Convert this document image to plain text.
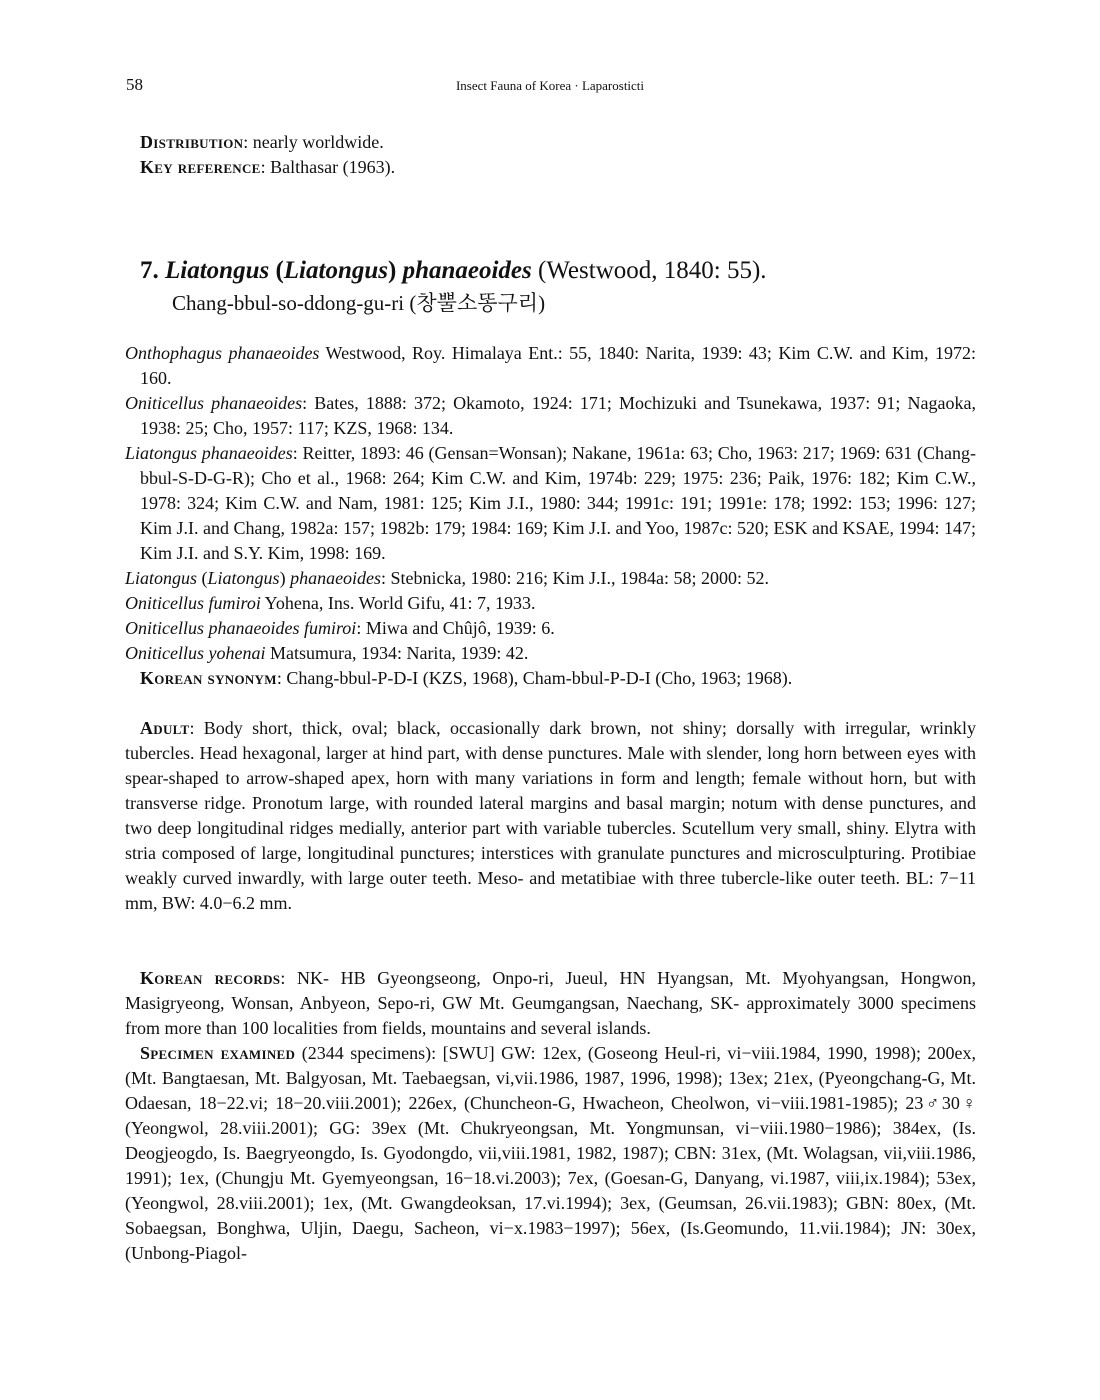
58	Insect Fauna of Korea · Laparosticti

Distribution: nearly worldwide.

Key reference: Balthasar (1963).

7. Liatongus (Liatongus) phanaeoides (Westwood, 1840: 55).
Chang-bbul-so-ddong-gu-ri (창뿔소똥구리)

Onthophagus phanaeoides Westwood, Roy. Himalaya Ent.: 55, 1840: Narita, 1939: 43; Kim C.W. and Kim, 1972: 160.

Oniticellus phanaeoides: Bates, 1888: 372; Okamoto, 1924: 171; Mochizuki and Tsunekawa, 1937: 91; Nagaoka, 1938: 25; Cho, 1957: 117; KZS, 1968: 134.

Liatongus phanaeoides: Reitter, 1893: 46 (Gensan=Wonsan); Nakane, 1961a: 63; Cho, 1963: 217; 1969: 631 (Chang-bbul-S-D-G-R); Cho et al., 1968: 264; Kim C.W. and Kim, 1974b: 229; 1975: 236; Paik, 1976: 182; Kim C.W., 1978: 324; Kim C.W. and Nam, 1981: 125; Kim J.I., 1980: 344; 1991c: 191; 1991e: 178; 1992: 153; 1996: 127; Kim J.I. and Chang, 1982a: 157; 1982b: 179; 1984: 169; Kim J.I. and Yoo, 1987c: 520; ESK and KSAE, 1994: 147; Kim J.I. and S.Y. Kim, 1998: 169.

Liatongus (Liatongus) phanaeoides: Stebnicka, 1980: 216; Kim J.I., 1984a: 58; 2000: 52.

Oniticellus fumiroi Yohena, Ins. World Gifu, 41: 7, 1933.

Oniticellus phanaeoides fumiroi: Miwa and Chûjô, 1939: 6.

Oniticellus yohenai Matsumura, 1934: Narita, 1939: 42.

Korean synonym: Chang-bbul-P-D-I (KZS, 1968), Cham-bbul-P-D-I (Cho, 1963; 1968).

Adult: Body short, thick, oval; black, occasionally dark brown, not shiny; dorsally with irregular, wrinkly tubercles. Head hexagonal, larger at hind part, with dense punctures. Male with slender, long horn between eyes with spear-shaped to arrow-shaped apex, horn with many variations in form and length; female without horn, but with transverse ridge. Pronotum large, with rounded lateral margins and basal margin; notum with dense punctures, and two deep longitudinal ridges medially, anterior part with variable tubercles. Scutellum very small, shiny. Elytra with stria composed of large, longitudinal punctures; interstices with granulate punctures and microsculpturing. Protibiae weakly curved inwardly, with large outer teeth. Meso- and metatibiae with three tubercle-like outer teeth. BL: 7−11 mm, BW: 4.0−6.2 mm.

Korean records: NK- HB Gyeongseong, Onpo-ri, Jueul, HN Hyangsan, Mt. Myohyangsan, Hongwon, Masigryeong, Wonsan, Anbyeon, Sepo-ri, GW Mt. Geumgangsan, Naechang, SK- approximately 3000 specimens from more than 100 localities from fields, mountains and several islands.

Specimen examined (2344 specimens): [SWU] GW: 12ex, (Goseong Heul-ri, vi−viii.1984, 1990, 1998); 200ex, (Mt. Bangtaesan, Mt. Balgyosan, Mt. Taebaegsan, vi,vii.1986, 1987, 1996, 1998); 13ex; 21ex, (Pyeongchang-G, Mt. Odaesan, 18−22.vi; 18−20.viii.2001); 226ex, (Chuncheon-G, Hwacheon, Cheolwon, vi−viii.1981-1985); 23♂30♀ (Yeongwol, 28.viii.2001); GG: 39ex (Mt. Chukryeongsan, Mt. Yongmunsan, vi−viii.1980−1986); 384ex, (Is. Deogjeogdo, Is. Baegryeongdo, Is. Gyodongdo, vii,viii.1981, 1982, 1987); CBN: 31ex, (Mt. Wolagsan, vii,viii.1986, 1991); 1ex, (Chungju Mt. Gyemyeongsan, 16−18.vi.2003); 7ex, (Goesan-G, Danyang, vi.1987, viii,ix.1984); 53ex, (Yeongwol, 28.viii.2001); 1ex, (Mt. Gwangdeoksan, 17.vi.1994); 3ex, (Geumsan, 26.vii.1983); GBN: 80ex, (Mt. Sobaegsan, Bonghwa, Uljin, Daegu, Sacheon, vi−x.1983−1997); 56ex, (Is.Geomundo, 11.vii.1984); JN: 30ex, (Unbong-Piagol-
